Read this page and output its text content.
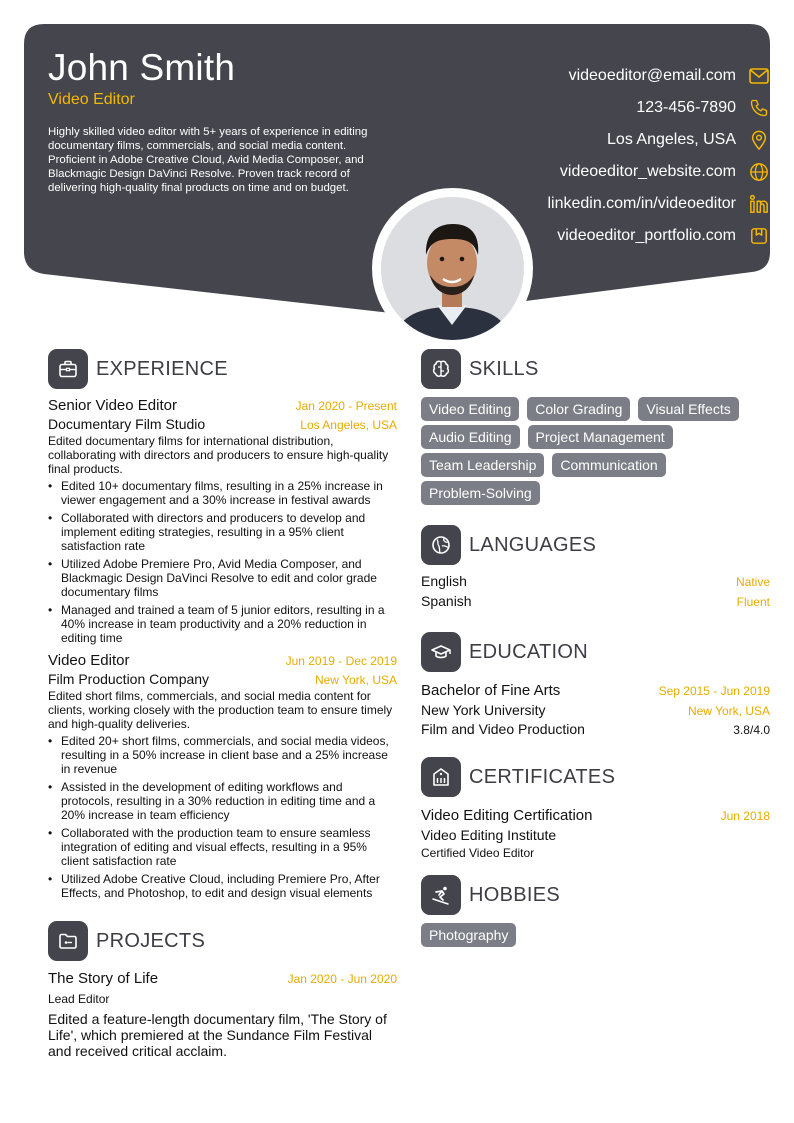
John Smith
Video Editor
Highly skilled video editor with 5+ years of experience in editing documentary films, commercials, and social media content. Proficient in Adobe Creative Cloud, Avid Media Composer, and Blackmagic Design DaVinci Resolve. Proven track record of delivering high-quality final products on time and on budget.
videoeditor@email.com
123-456-7890
Los Angeles, USA
videoeditor_website.com
linkedin.com/in/videoeditor
videoeditor_portfolio.com
EXPERIENCE
Senior Video Editor	Jan 2020 - Present
Documentary Film Studio	Los Angeles, USA
Edited documentary films for international distribution, collaborating with directors and producers to ensure high-quality final products.
• Edited 10+ documentary films, resulting in a 25% increase in viewer engagement and a 30% increase in festival awards
• Collaborated with directors and producers to develop and implement editing strategies, resulting in a 95% client satisfaction rate
• Utilized Adobe Premiere Pro, Avid Media Composer, and Blackmagic Design DaVinci Resolve to edit and color grade documentary films
• Managed and trained a team of 5 junior editors, resulting in a 40% increase in team productivity and a 20% reduction in editing time
Video Editor	Jun 2019 - Dec 2019
Film Production Company	New York, USA
Edited short films, commercials, and social media content for clients, working closely with the production team to ensure timely and high-quality deliveries.
• Edited 20+ short films, commercials, and social media videos, resulting in a 50% increase in client base and a 25% increase in revenue
• Assisted in the development of editing workflows and protocols, resulting in a 30% reduction in editing time and a 20% increase in team efficiency
• Collaborated with the production team to ensure seamless integration of editing and visual effects, resulting in a 95% client satisfaction rate
• Utilized Adobe Creative Cloud, including Premiere Pro, After Effects, and Photoshop, to edit and design visual elements
PROJECTS
The Story of Life	Jan 2020 - Jun 2020
Lead Editor
Edited a feature-length documentary film, 'The Story of Life', which premiered at the Sundance Film Festival and received critical acclaim.
SKILLS
Video Editing	Color Grading	Visual Effects
Audio Editing	Project Management
Team Leadership	Communication
Problem-Solving
LANGUAGES
English	Native
Spanish	Fluent
EDUCATION
Bachelor of Fine Arts	Sep 2015 - Jun 2019
New York University	New York, USA
Film and Video Production	3.8/4.0
CERTIFICATES
Video Editing Certification	Jun 2018
Video Editing Institute
Certified Video Editor
HOBBIES
Photography
